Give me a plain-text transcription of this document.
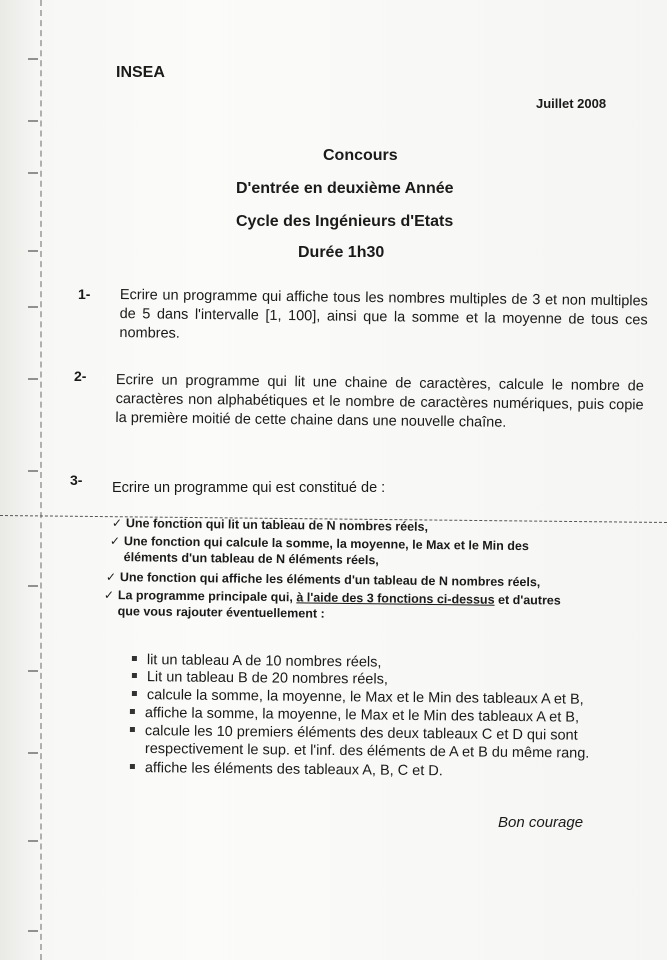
INSEA
Juillet 2008
Concours
D'entrée en deuxième Année
Cycle des Ingénieurs d'Etats
Durée 1h30
1- Ecrire un programme qui affiche tous les nombres multiples de 3 et non multiples de 5 dans l'intervalle [1, 100], ainsi que la somme et la moyenne de tous ces nombres.
2- Ecrire un programme qui lit une chaine de caractères, calcule le nombre de caractères non alphabétiques et le nombre de caractères numériques, puis copie la première moitié de cette chaine dans une nouvelle chaîne.
3- Ecrire un programme qui est constitué de :
✓ Une fonction qui lit un tableau de N nombres réels,
✓ Une fonction qui calcule la somme, la moyenne, le Max et le Min des
éléments d'un tableau de N éléments réels,
✓ Une fonction qui affiche les éléments d'un tableau de N nombres réels,
✓ La programme principale qui, à l'aide des 3 fonctions ci-dessus et d'autres
que vous rajouter éventuellement :
lit un tableau A de 10 nombres réels,
Lit un tableau B de 20 nombres réels,
calcule la somme, la moyenne, le Max et le Min des tableaux A et B,
affiche la somme, la moyenne, le Max et le Min des tableaux A et B,
calcule les 10 premiers éléments des deux tableaux C et D qui sont
respectivement le sup. et l'inf. des éléments de A et B du même rang.
affiche les éléments des tableaux A, B, C et D.
Bon courage
